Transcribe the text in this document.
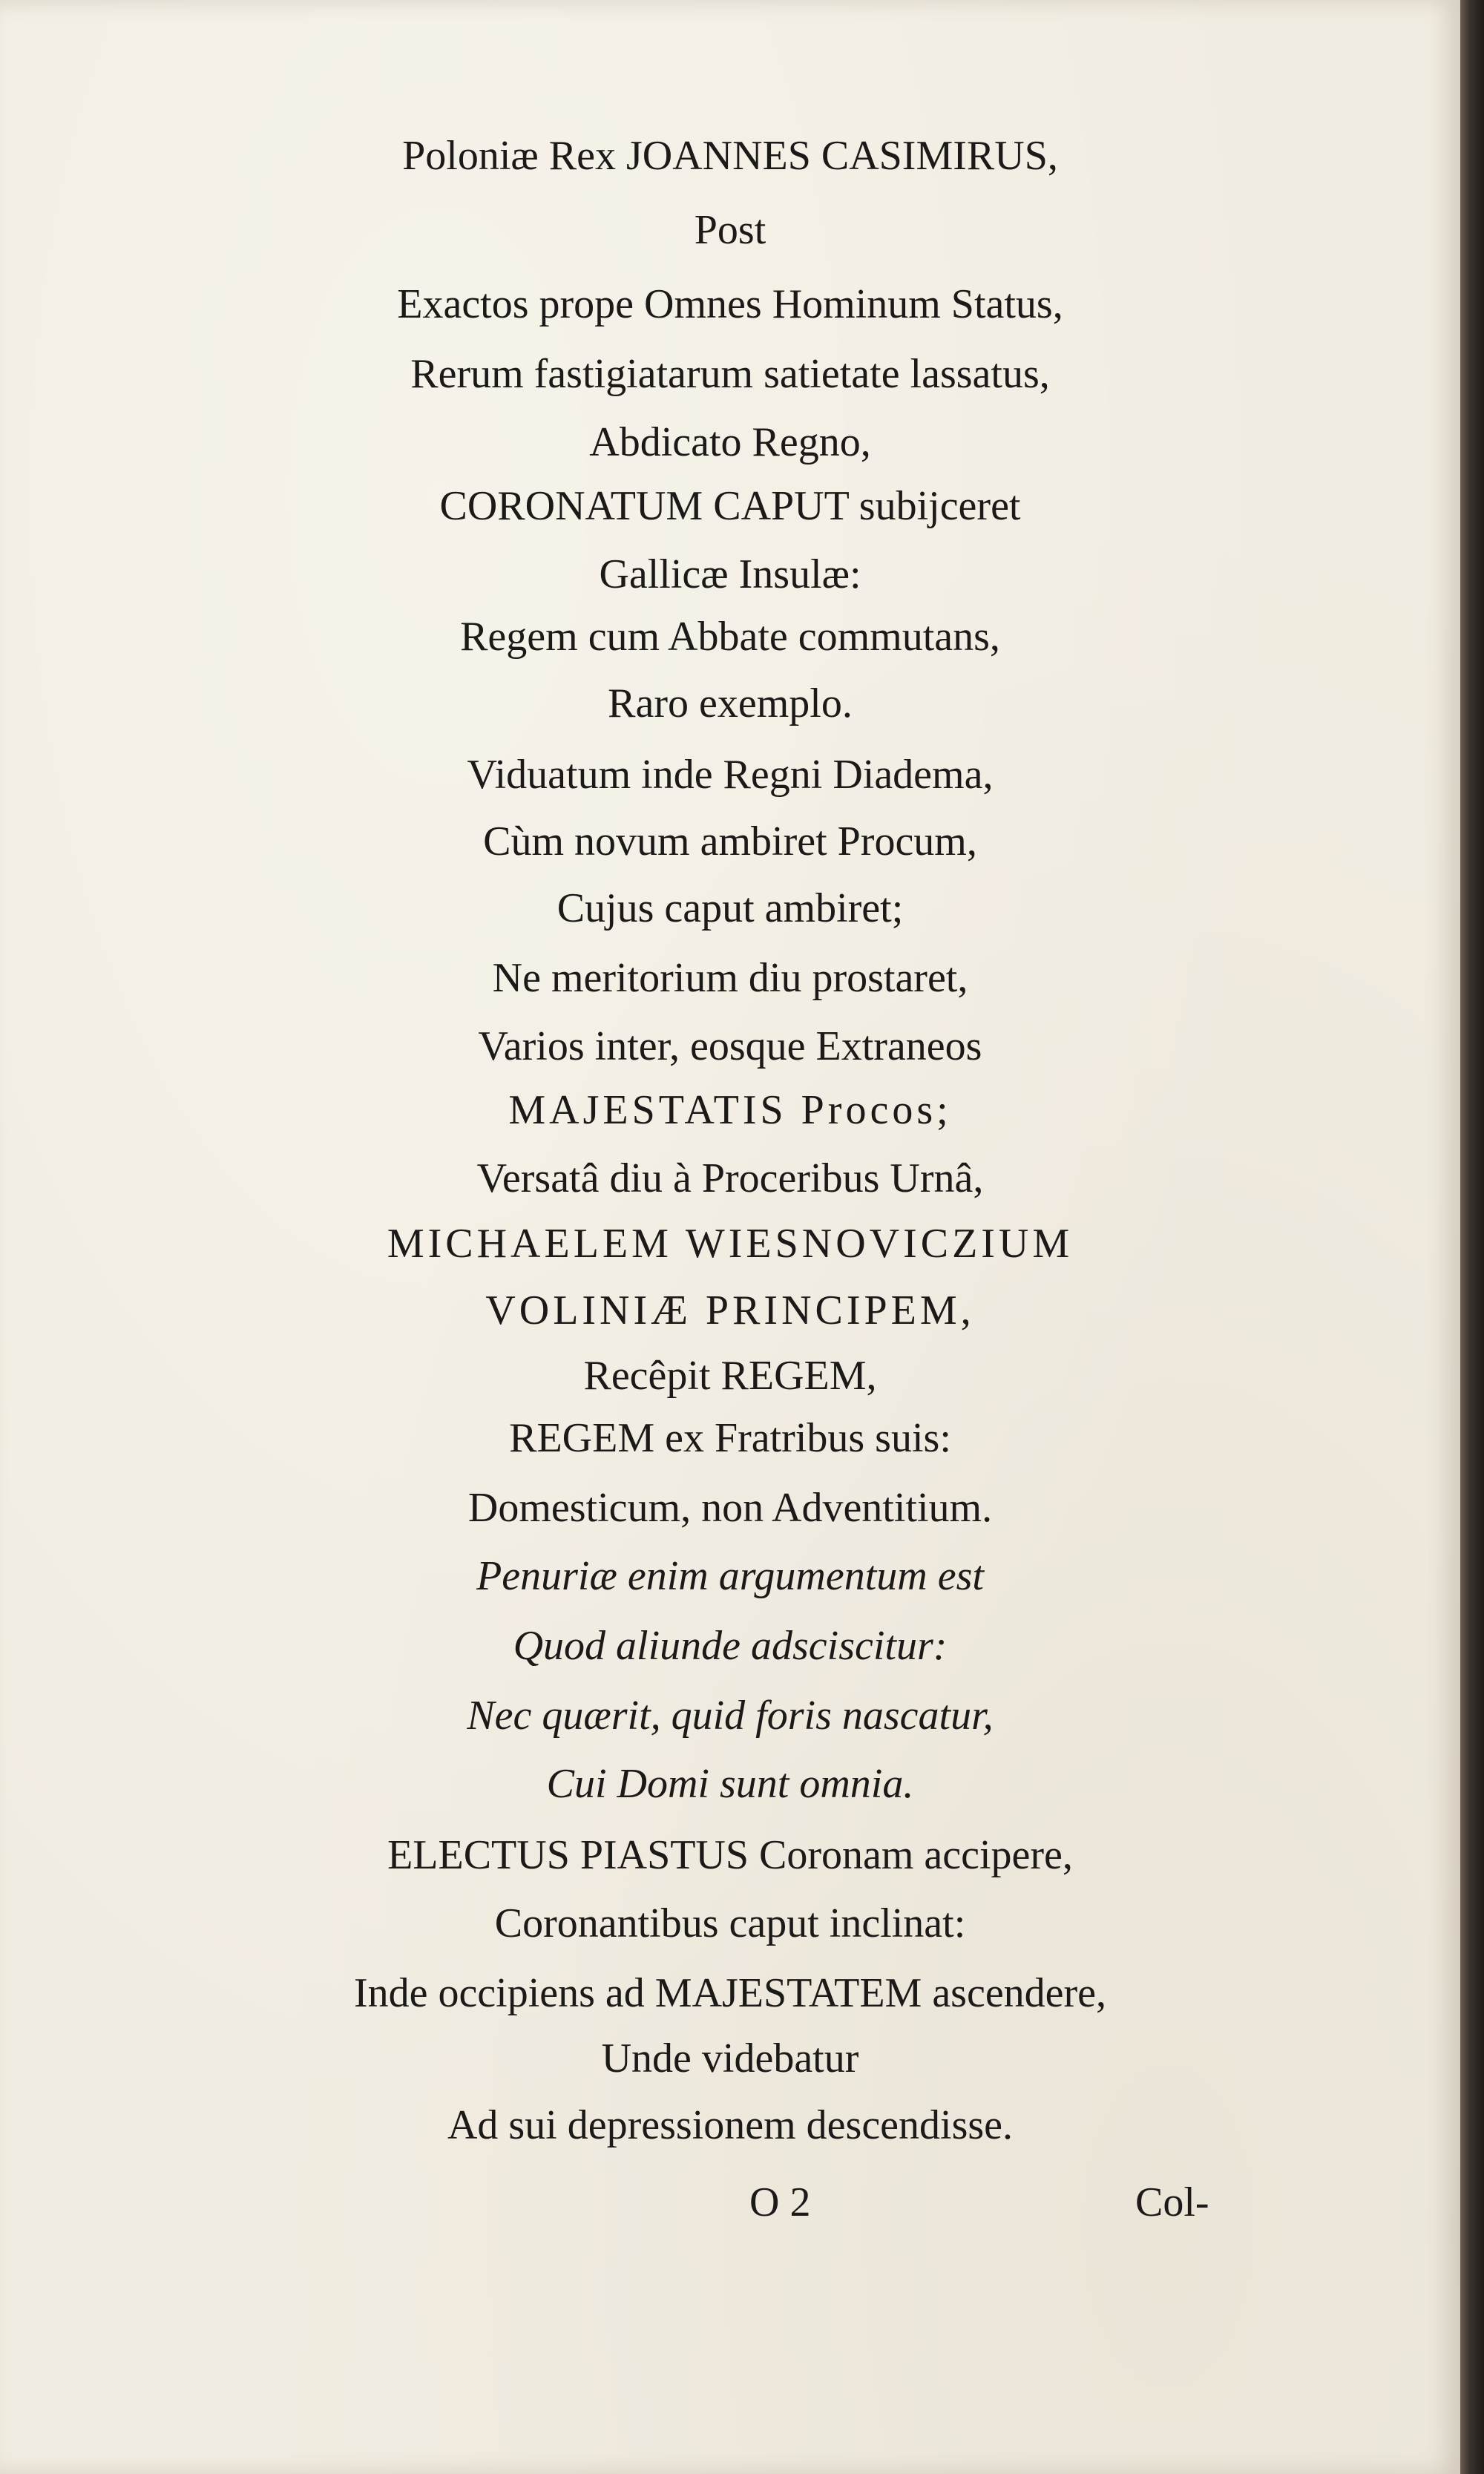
Poloniæ Rex JOANNES CASIMIRUS,

Post

Exactos prope Omnes Hominum Status,

Rerum fastigiatarum satietate lassatus,

Abdicato Regno,

CORONATUM CAPUT subijceret

Gallicæ Insulæ:

Regem cum Abbate commutans,

Raro exemplo.

Viduatum inde Regni Diadema,

Cùm novum ambiret Procum,

Cujus caput ambiret;

Ne meritorium diu prostaret,

Varios inter, eosque Extraneos

MAJESTATIS Procos;

Versatâ diu à Proceribus Urnâ,

MICHAELEM WIESNOVICZIUM

VOLINIÆ PRINCIPEM,

Recêpit REGEM,

REGEM ex Fratribus suis:

Domesticum, non Adventitium.

Penuriæ enim argumentum est

Quod aliunde adsciscitur:

Nec quærit, quid foris nascatur,

Cui Domi sunt omnia.

ELECTUS PIASTUS Coronam accipere,

Coronantibus caput inclinat:

Inde occipiens ad MAJESTATEM ascendere,

Unde videbatur

Ad sui depressionem descendisse.

O 2	Col-
